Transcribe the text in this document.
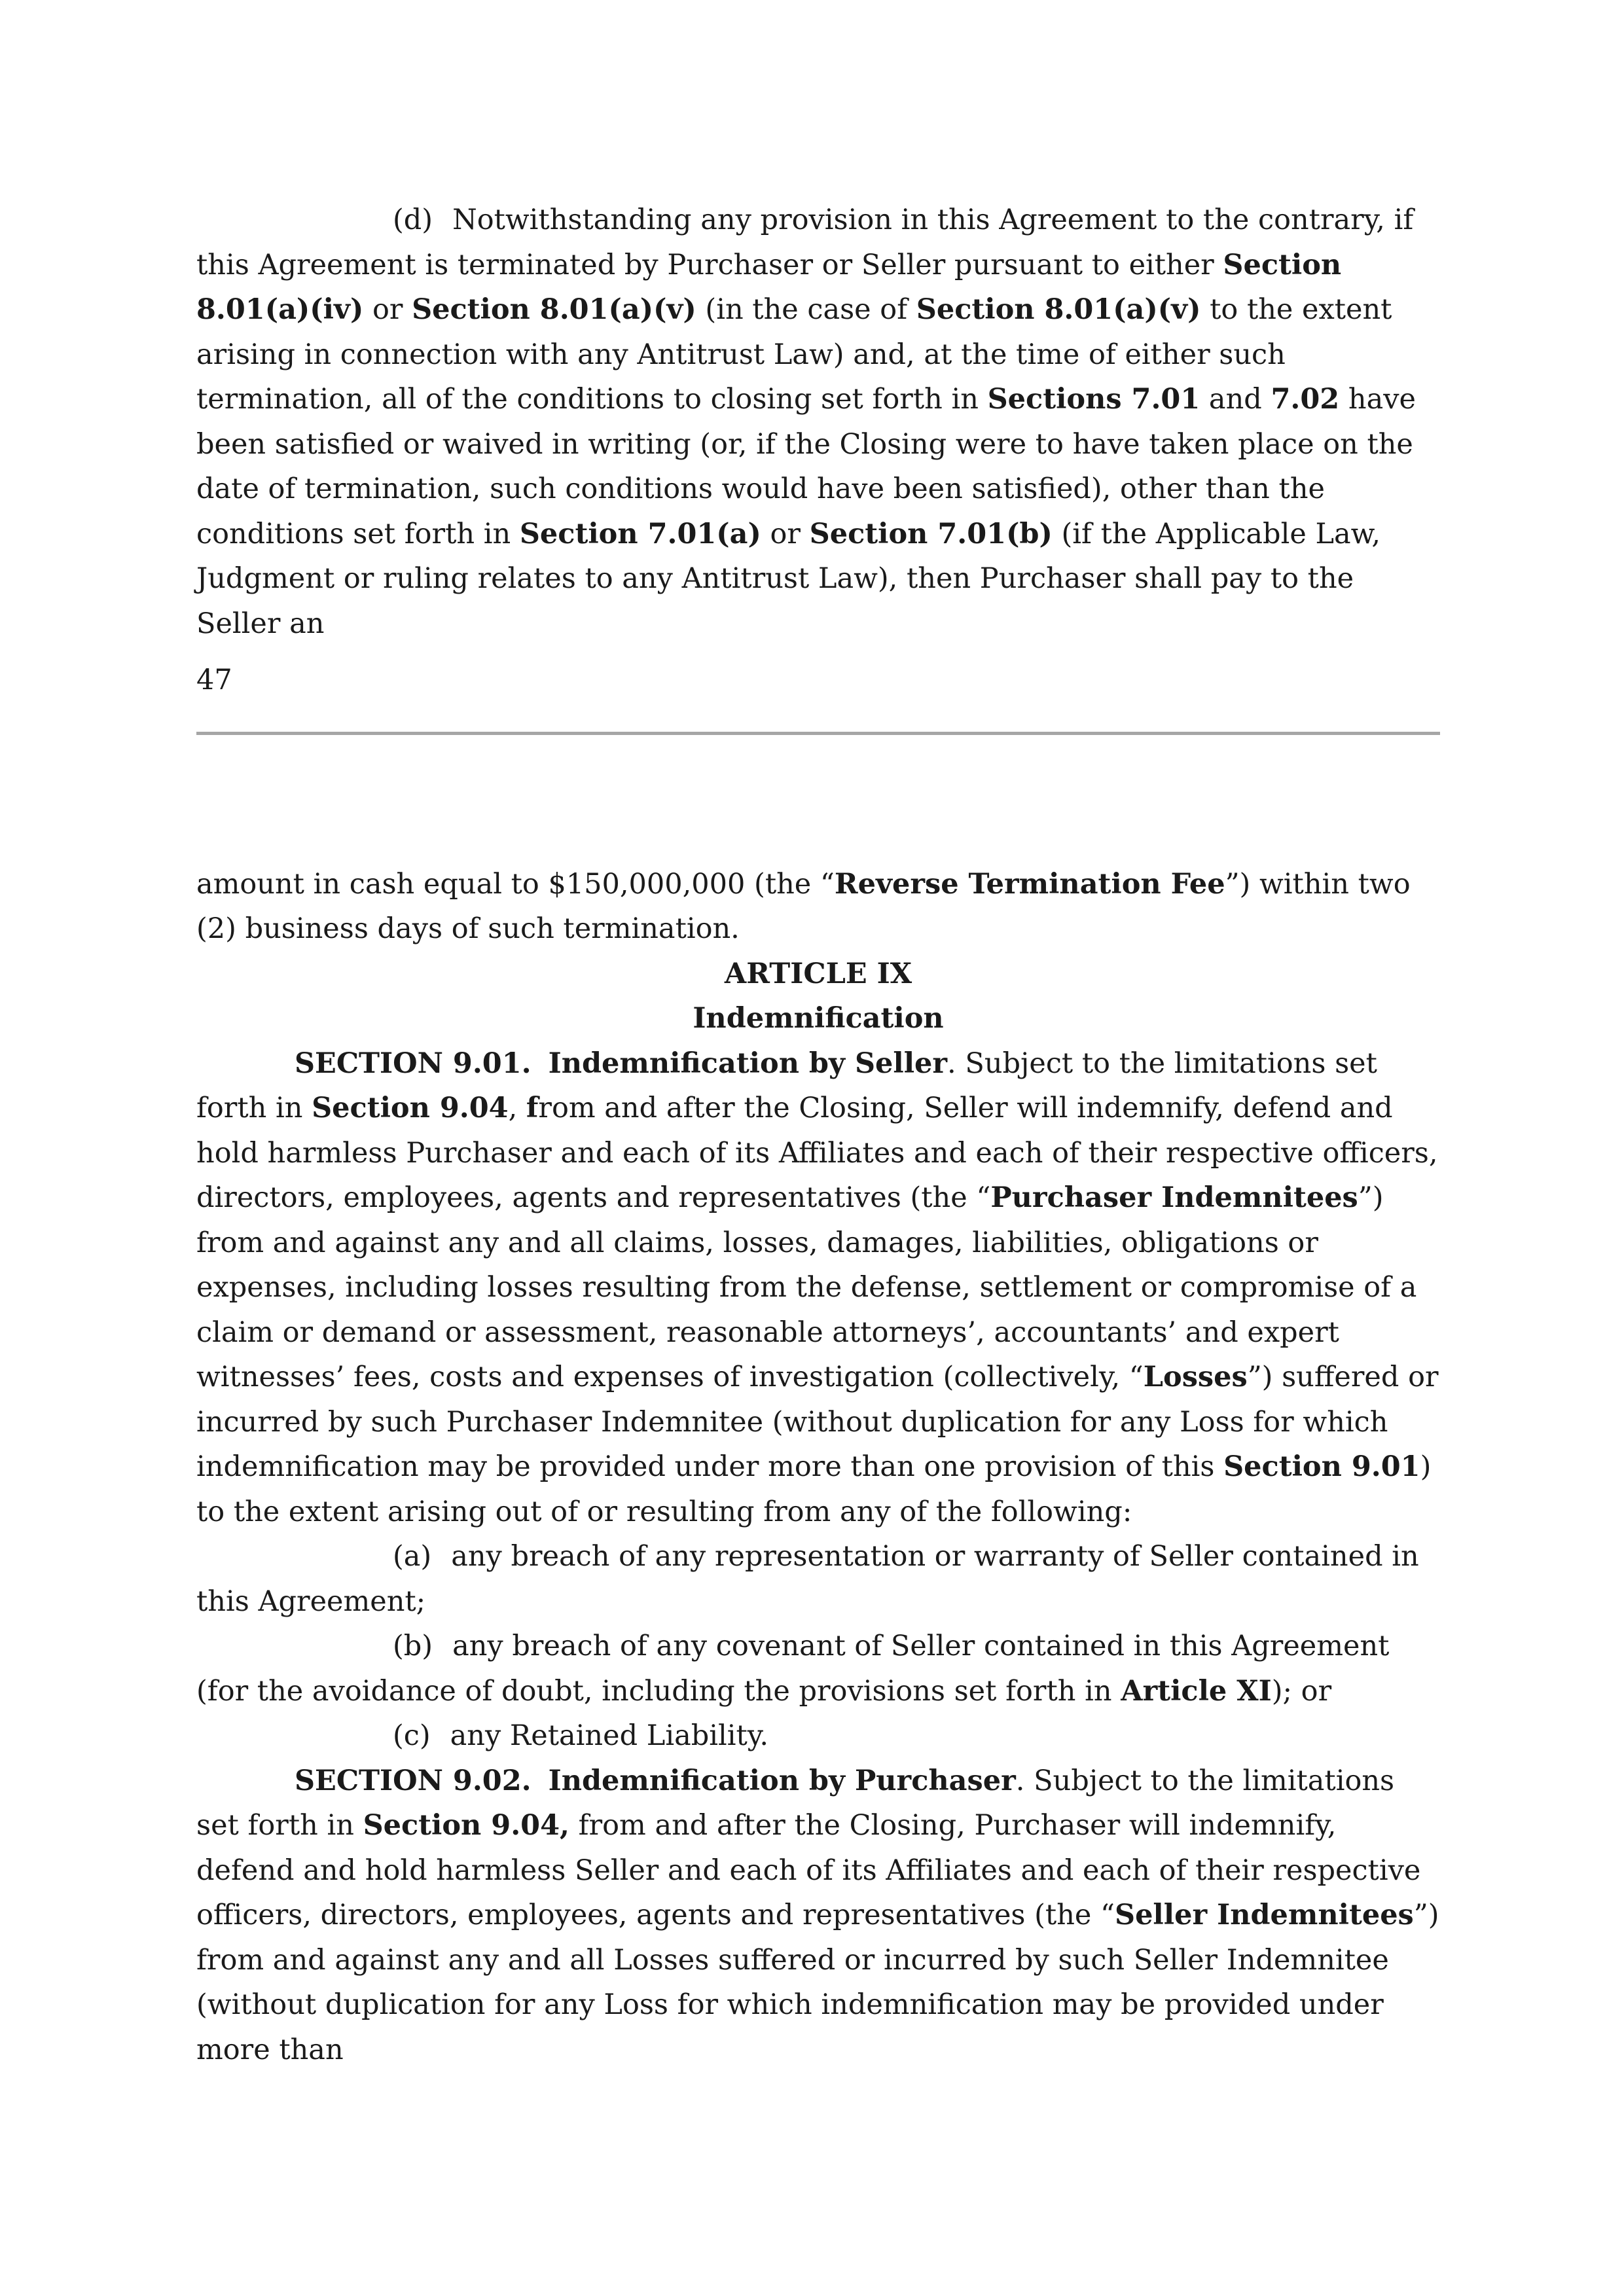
(d) Notwithstanding any provision in this Agreement to the contrary, if this Agreement is terminated by Purchaser or Seller pursuant to either Section 8.01(a)(iv) or Section 8.01(a)(v) (in the case of Section 8.01(a)(v) to the extent arising in connection with any Antitrust Law) and, at the time of either such termination, all of the conditions to closing set forth in Sections 7.01 and 7.02 have been satisfied or waived in writing (or, if the Closing were to have taken place on the date of termination, such conditions would have been satisfied), other than the conditions set forth in Section 7.01(a) or Section 7.01(b) (if the Applicable Law, Judgment or ruling relates to any Antitrust Law), then Purchaser shall pay to the Seller an

47

amount in cash equal to $150,000,000 (the “Reverse Termination Fee”) within two (2) business days of such termination.

ARTICLE IX

Indemnification

SECTION 9.01. Indemnification by Seller. Subject to the limitations set forth in Section 9.04, from and after the Closing, Seller will indemnify, defend and hold harmless Purchaser and each of its Affiliates and each of their respective officers, directors, employees, agents and representatives (the “Purchaser Indemnitees”) from and against any and all claims, losses, damages, liabilities, obligations or expenses, including losses resulting from the defense, settlement or compromise of a claim or demand or assessment, reasonable attorneys’, accountants’ and expert witnesses’ fees, costs and expenses of investigation (collectively, “Losses”) suffered or incurred by such Purchaser Indemnitee (without duplication for any Loss for which indemnification may be provided under more than one provision of this Section 9.01) to the extent arising out of or resulting from any of the following:

(a) any breach of any representation or warranty of Seller contained in this Agreement;

(b) any breach of any covenant of Seller contained in this Agreement (for the avoidance of doubt, including the provisions set forth in Article XI); or

(c) any Retained Liability.

SECTION 9.02. Indemnification by Purchaser. Subject to the limitations set forth in Section 9.04, from and after the Closing, Purchaser will indemnify, defend and hold harmless Seller and each of its Affiliates and each of their respective officers, directors, employees, agents and representatives (the “Seller Indemnitees”) from and against any and all Losses suffered or incurred by such Seller Indemnitee (without duplication for any Loss for which indemnification may be provided under more than
